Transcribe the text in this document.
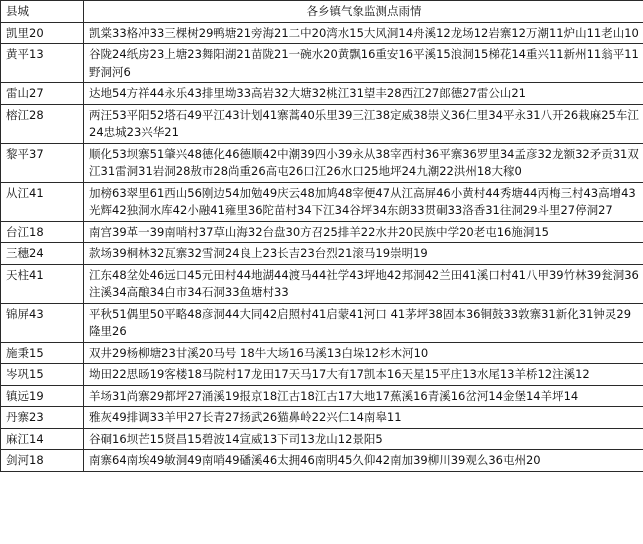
县城	各乡镇气象监测点雨情
凯里20	凯棠33格冲33三棵树29鸭塘21旁海21二中20湾水15大风洞14舟溪12龙场12岩寨12万潮11炉山11老山10
黄平13	谷陇24纸房23上塘23舞阳湖21苗陇21一碗水20黄飘16重安16平溪15浪洞15梯花14重兴11新州11翁平11野洞河6
雷山27	达地54方祥44永乐43排里坳33高岩32大塘32桃江31望丰28西江27郎德27雷公山21
榕江28	两汪53平阳52塔石49平江43计划41寨蒿40乐里39三江38定威38崇义36仁里34平永31八开26栽麻25车江24忠城23兴华21
黎平37	顺化53坝寨51肇兴48德化46德顺42中潮39四小39永从38宰西村36平寨36罗里34孟彦32龙额32矛贡31双江31雷洞31岩洞28敖市28尚重26高屯26口江26水口25地坪24九潮22洪州18大稼0
从江41	加榜63翠里61西山56刚边54加勉49庆云48加鸠48宰便47从江高屏46小黄村44秀塘44丙梅三村43高增43光辉42独洞水库42小融41雍里36陀苗村34下江34谷坪34东朗33贯硐33洛香31往洞29斗里27停洞27
台江18	南宫39革一39南哨村37草山海32台盘30方召25排羊22水井20民族中学20老屯16施洞15
三穗24	款场39桐林32瓦寨32雪洞24良上23长吉23台烈21滚马19崇明19
天柱41	江东48坌处46远口45元田村44地湖44渡马44社学43坪地42邦洞42兰田41溪口村41八甲39竹林39瓮洞36注溪34高酿34白市34石洞33鱼塘村33
锦屏43	平秋51偶里50平略48彦洞44大同42启照村41启蒙41河口 41茅坪38固本36铜鼓33敦寨31新化31钟灵29隆里26
施秉15	双井29杨柳塘23甘溪20马号 18牛大场16马溪13白垛12杉木河10
岑巩15	坳田22思旸19客楼18马院村17龙田17天马17大有17凯本16天星15平庄13水尾13羊桥12注溪12
镇远19	羊场31尚寨29都坪27涌溪19报京18江古18江古17大地17蕉溪16青溪16岔河14金堡14羊坪14
丹寨23	雅灰49排调33羊甲27长青27扬武26猫鼻岭22兴仁14南皋11
麻江14	谷硐16坝芒15贤昌15碧波14宣威13下司13龙山12景阳5
剑河18	南寨64南埃49敏洞49南哨49磻溪46太拥46南明45久仰42南加39柳川39观么36屯州20
